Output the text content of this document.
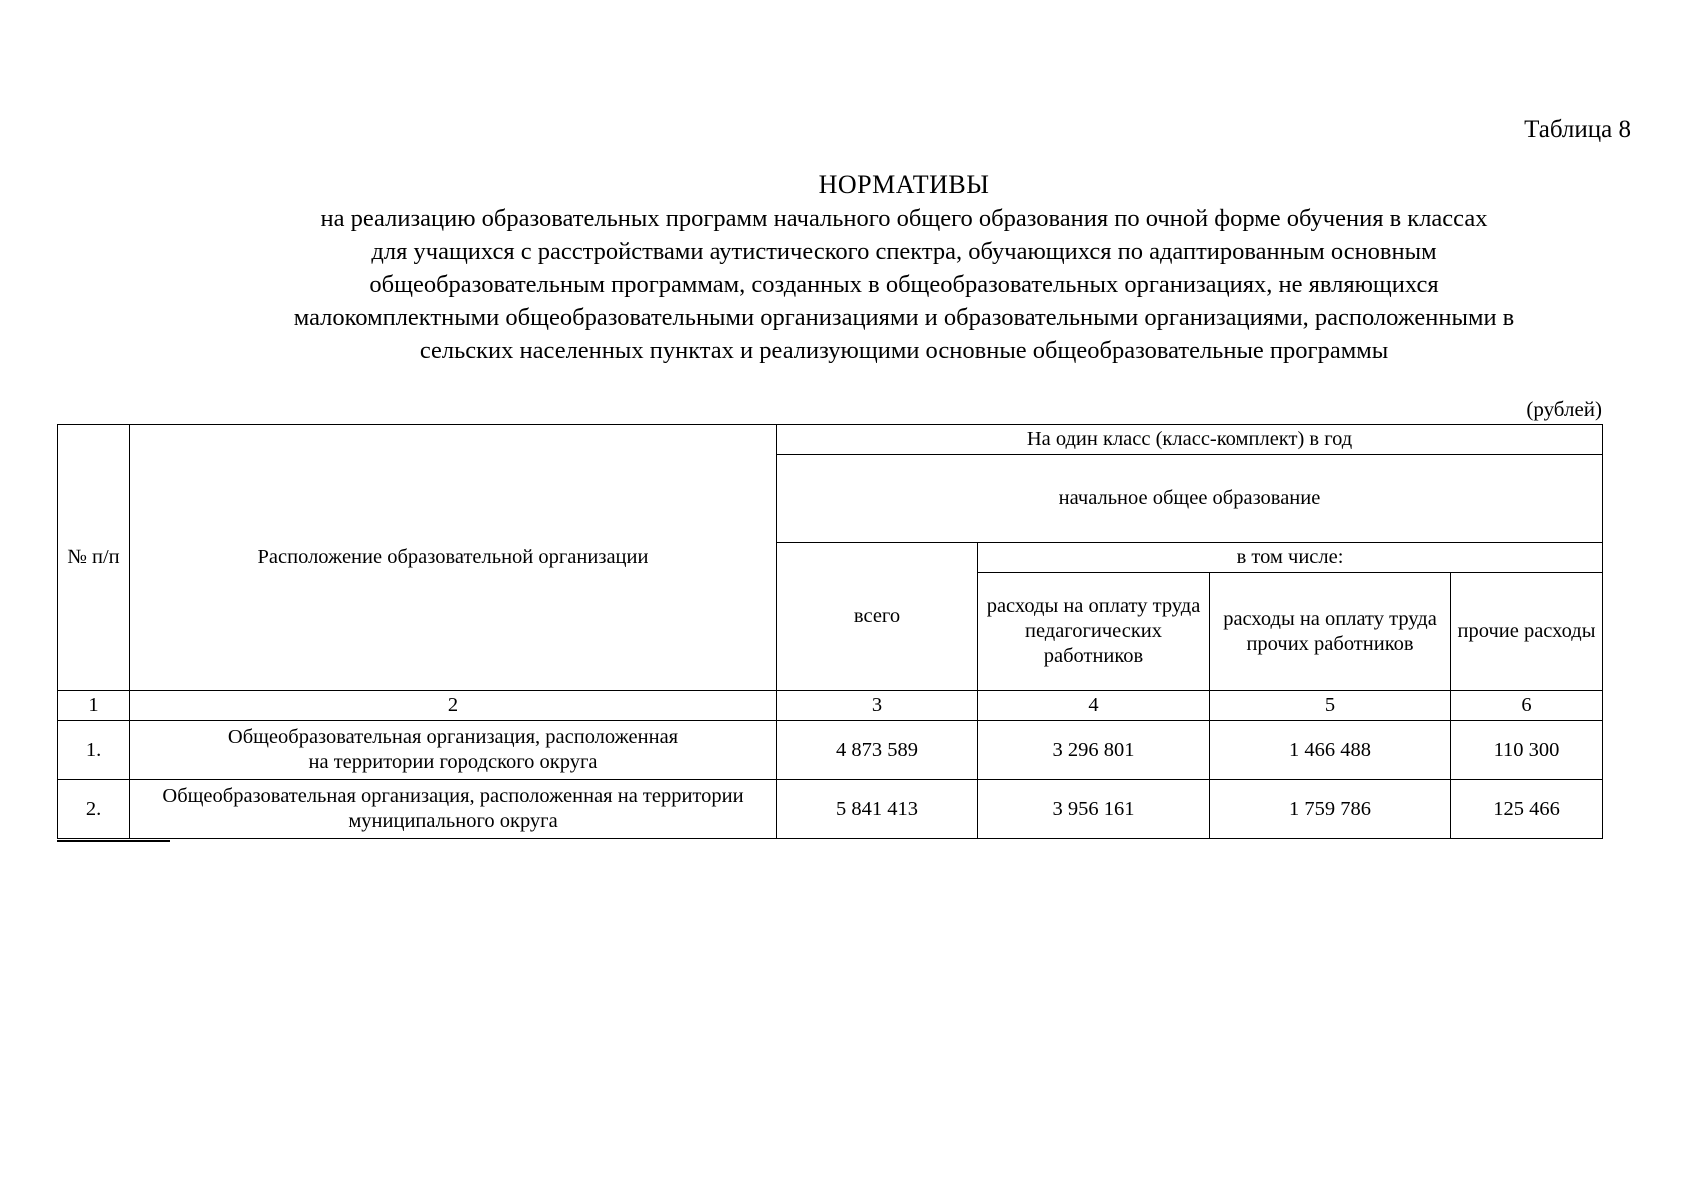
Таблица 8
НОРМАТИВЫ
на реализацию образовательных программ начального общего образования по очной форме обучения в классах
для учащихся с расстройствами аутистического спектра, обучающихся по адаптированным основным
общеобразовательным программам, созданных в общеобразовательных организациях, не являющихся
малокомплектными общеобразовательными организациями и образовательными организациями, расположенными в
сельских населенных пунктах и реализующими основные общеобразовательные программы
(рублей)
№ п/п	Расположение образовательной организации	На один класс (класс-комплект) в год			
		начальное общее образование			
		всего	в том числе:		
			расходы на оплату труда педагогических работников	расходы на оплату труда прочих работников	прочие расходы
1	2	3	4	5	6
1.	Общеобразовательная организация, расположенная
на территории городского округа	4 873 589	3 296 801	1 466 488	110 300
2.	Общеобразовательная организация, расположенная на территории
муниципального округа	5 841 413	3 956 161	1 759 786	125 466
